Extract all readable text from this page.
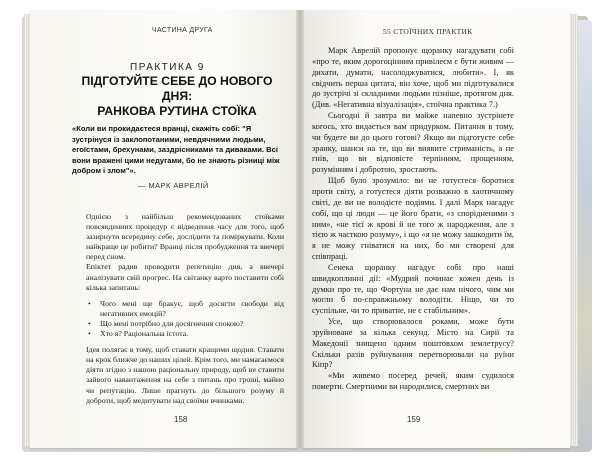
ЧАСТИНА ДРУГА
ПРАКТИКА 9
ПІДГОТУЙТЕ СЕБЕ ДО НОВОГО ДНЯ:
РАНКОВА РУТИНА СТОЇКА
«Коли ви прокидаєтеся вранці, скажіть собі: "Я зустрінуся із заклопотаними, невдячними людьми, егоїстами, брехунами, заздрісниками та диваками. Всі вони вражені цими недугами, бо не знають різниці між добром і злом"».
— МАРК АВРЕЛІЙ

Однією з найбільш рекомендованих стоїками повсякденних процедур є відведення часу для того, щоб зазирнути всередину себе, дослідити та поміркувати. Коли найкраще це робити? Вранці після пробудження та ввечері перед сном.

Епіктет радив проводити репетицію дня, а ввечері аналізувати свій прогрес. На світанку варто поставити собі кілька запитань:

• Чого мені ще бракує, щоб досягти свободи від негативних емоцій?
• Що мені потрібно для досягнення спокою?
• Хто я? Раціональна істота.

Ідея полягає в тому, щоб ставати кращими щодня. Ставати на крок ближче до наших цілей. Крім того, ми намагаємося діяти згідно з нашою раціональну природу, щоб не ставити зайвого навантаження на себе з питань про гроші, майно чи репутацію. Лише прагнуть до більшого розуму й доброти, щоб медитувати над своїми вчинками.

158
55 СТОЇЧНИХ ПРАКТИК

Марк Аврелій пропонує щоранку нагадувати собі «про те, яким дорогоцінним привілеєм є бути живим — дихати, думати, насолоджуватися, любити». І, як свідчить перша цитата, він хоче, щоб ми підготувалися до зустрічі зі складними людьми пізніше, протягом дня. (Див. «Негативна візуалізація», стоїчна практика 7.)

Сьогодні й завтра ви майже напевно зустрінете когось, хто видається вам придурком. Питання в тому, чи будете ви до цього готові? Якщо ви підготуєте себе зранку, шанси на те, що ви виявите стриманість, а не гнів, що ви відповісте терпінням, прощенням, розумінням і добротою, зростають.

Щоб було зрозуміло: ви не готуєтеся боротися проти світу, а готуєтеся діяти розважно в хаотичному світі, де ви не володієте подіями. І далі Марк нагадує собі, що ці люди — це його брати, «з спорідненими з ним», «не тієї ж крові й не того ж народження, але з тією ж часткою розуму», і що «я не можу зашкодити їм, я не можу гніватися на них, бо ми створені для співпраці.

Сенека щоранку нагадує собі про наші швидкоплинні дії: «Мудрий починає кожен день із думки про те, що Фортуна не дає нам нічого, чим ми могли б по-справжньому володіти. Ніщо, чи то суспільне, чи то приватне, не є стабільним».

Усе, що створювалося роками, може бути зруйноване за кілька секунд. Місто на Сирії та Македонії знищено одним поштовхом землетрусу? Скільки разів руйнування перетворювали на руїни Кіпр?

«Ми живемо посеред речей, яким судилося померти. Смертними ви народилися, смертних ви

159
